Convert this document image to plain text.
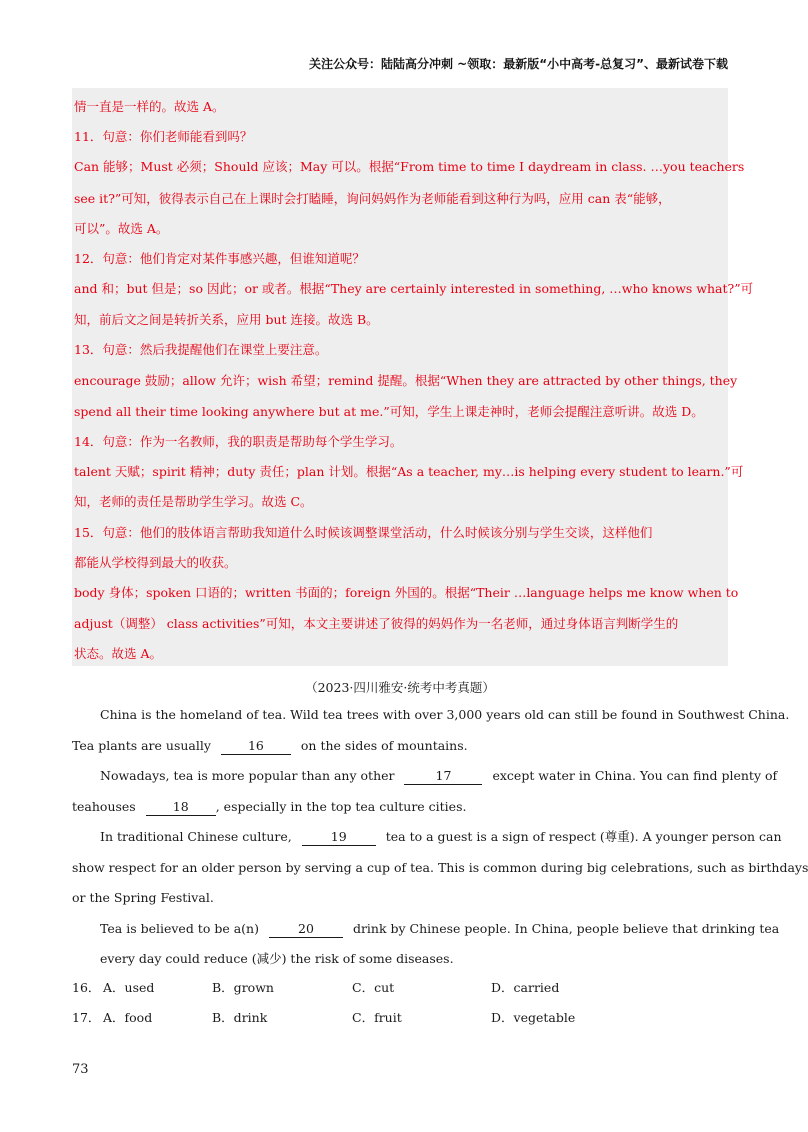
关注公众号：陆陆高分冲刺 ~领取：最新版“小中高考-总复习”、最新试卷下载
情一直是一样的。故选 A。
11．句意：你们老师能看到吗？
Can 能够；Must 必须；Should 应该；May 可以。根据“From time to time I daydream in class. …you teachers
see it?”可知，彼得表示自己在上课时会打瞌睡，询问妈妈作为老师能看到这种行为吗，应用 can 表“能够，
可以”。故选 A。
12．句意：他们肯定对某件事感兴趣，但谁知道呢？
and 和；but 但是；so 因此；or 或者。根据“They are certainly interested in something, …who knows what?”可
知，前后文之间是转折关系，应用 but 连接。故选 B。
13．句意：然后我提醒他们在课堂上要注意。
encourage 鼓励；allow 允许；wish 希望；remind 提醒。根据“When they are attracted by other things, they
spend all their time looking anywhere but at me.”可知，学生上课走神时，老师会提醒注意听讲。故选 D。
14．句意：作为一名教师，我的职责是帮助每个学生学习。
talent 天赋；spirit 精神；duty 责任；plan 计划。根据“As a teacher, my…is helping every student to learn.”可
知，老师的责任是帮助学生学习。故选 C。
15．句意：他们的肢体语言帮助我知道什么时候该调整课堂活动，什么时候该分别与学生交谈，这样他们
都能从学校得到最大的收获。
body 身体；spoken 口语的；written 书面的；foreign 外国的。根据“Their …language helps me know when to
adjust（调整） class activities”可知，本文主要讲述了彼得的妈妈作为一名老师，通过身体语言判断学生的
状态。故选 A。
（2023·四川雅安·统考中考真题）
China is the homeland of tea. Wild tea trees with over 3,000 years old can still be found in Southwest China.
Tea plants are usually	16	on the sides of mountains.
Nowadays, tea is more popular than any other	17	except water in China. You can find plenty of
teahouses	18 , especially in the top tea culture cities.
In traditional Chinese culture,	19	tea to a guest is a sign of respect (尊重). A younger person can
show respect for an older person by serving a cup of tea. This is common during big celebrations, such as birthdays
or the Spring Festival.
Tea is believed to be a(n)	20	drink by Chinese people. In China, people believe that drinking tea
every day could reduce (减少) the risk of some diseases.
16． A．used	B．grown	C．cut	D．carried
17． A．food	B．drink	C．fruit	D．vegetable
73
